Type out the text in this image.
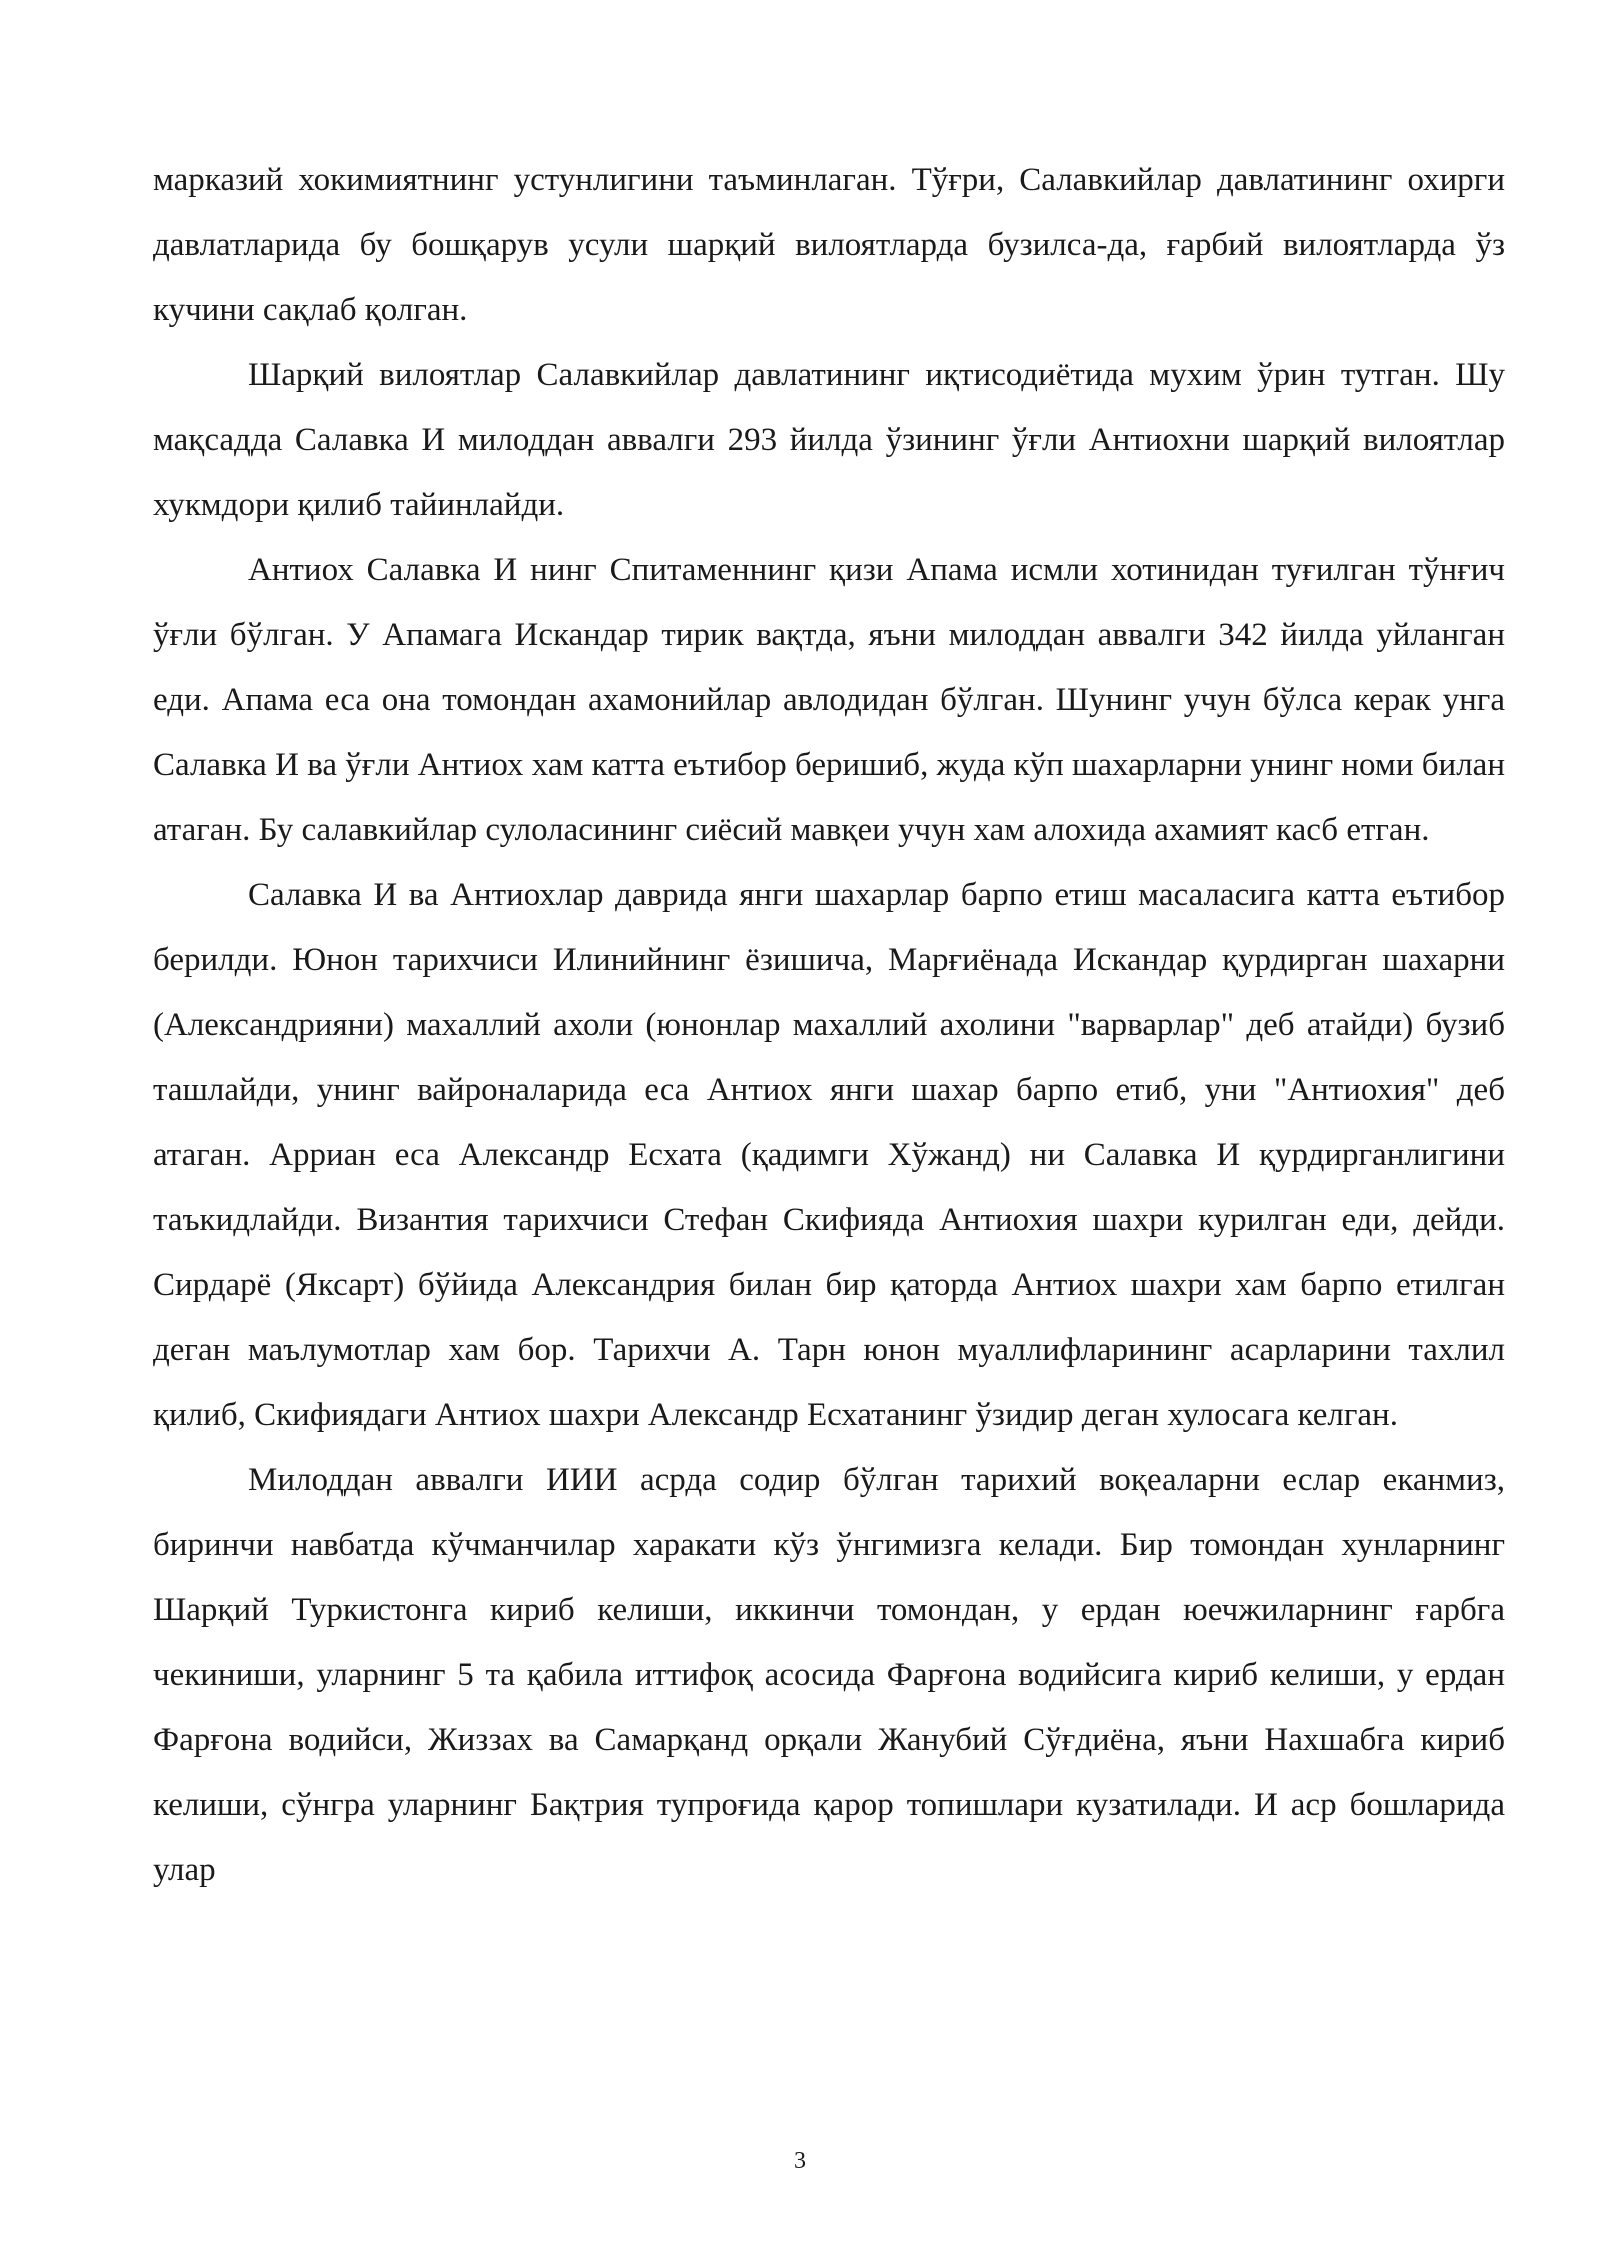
марказий хокимиятнинг устунлигини таъминлаган. Тўғри, Салавкийлар давлатининг охирги давлатларида бу бошқарув усули шарқий вилоятларда бузилса-да, ғарбий вилоятларда ўз кучини сақлаб қолган.

Шарқий вилоятлар Салавкийлар давлатининг иқтисодиётида мухим ўрин тутган. Шу мақсадда Салавка И милоддан аввалги 293 йилда ўзининг ўғли Антиохни шарқий вилоятлар хукмдори қилиб тайинлайди.

Антиох Салавка И нинг Спитаменнинг қизи Апама исмли хотинидан туғилган тўнғич ўғли бўлган. У Апамага Искандар тирик вақтда, яъни милоддан аввалги 342 йилда уйланган еди. Апама еса она томондан ахамонийлар авлодидан бўлган. Шунинг учун бўлса керак унга Салавка И ва ўғли Антиох хам катта еътибор беришиб, жуда кўп шахарларни унинг номи билан атаган. Бу салавкийлар сулоласининг сиёсий мавқеи учун хам алохида ахамият касб етган.

Салавка И ва Антиохлар даврида янги шахарлар барпо етиш масаласига катта еътибор берилди. Юнон тарихчиси Илинийнинг ёзишича, Марғиёнада Искандар қурдирган шахарни (Александрияни) махаллий ахоли (юнонлар махаллий ахолини "варварлар" деб атайди) бузиб ташлайди, унинг вайроналарида еса Антиох янги шахар барпо етиб, уни "Антиохия" деб атаган. Арриан еса Александр Есхата (қадимги Хўжанд) ни Салавка И қурдирганлигини таъкидлайди. Византия тарихчиси Стефан Скифияда Антиохия шахри курилган еди, дейди. Сирдарё (Яксарт) бўйида Александрия билан бир қаторда Антиох шахри хам барпо етилган деган маълумотлар хам бор. Тарихчи А. Тарн юнон муаллифларининг асарларини тахлил қилиб, Скифиядаги Антиох шахри Александр Есхатанинг ўзидир деган хулосага келган.

Милоддан аввалги ИИИ асрда содир бўлган тарихий воқеаларни еслар еканмиз, биринчи навбатда кўчманчилар харакати кўз ўнгимизга келади. Бир томондан хунларнинг Шарқий Туркистонга кириб келиши, иккинчи томондан, у ердан юечжиларнинг ғарбга чекиниши, уларнинг 5 та қабила иттифоқ асосида Фарғона водийсига кириб келиши, у ердан Фарғона водийси, Жиззах ва Самарқанд орқали Жанубий Сўғдиёна, яъни Нахшабга кириб келиши, сўнгра уларнинг Бақтрия тупроғида қарор топишлари кузатилади. И аср бошларида улар

3
